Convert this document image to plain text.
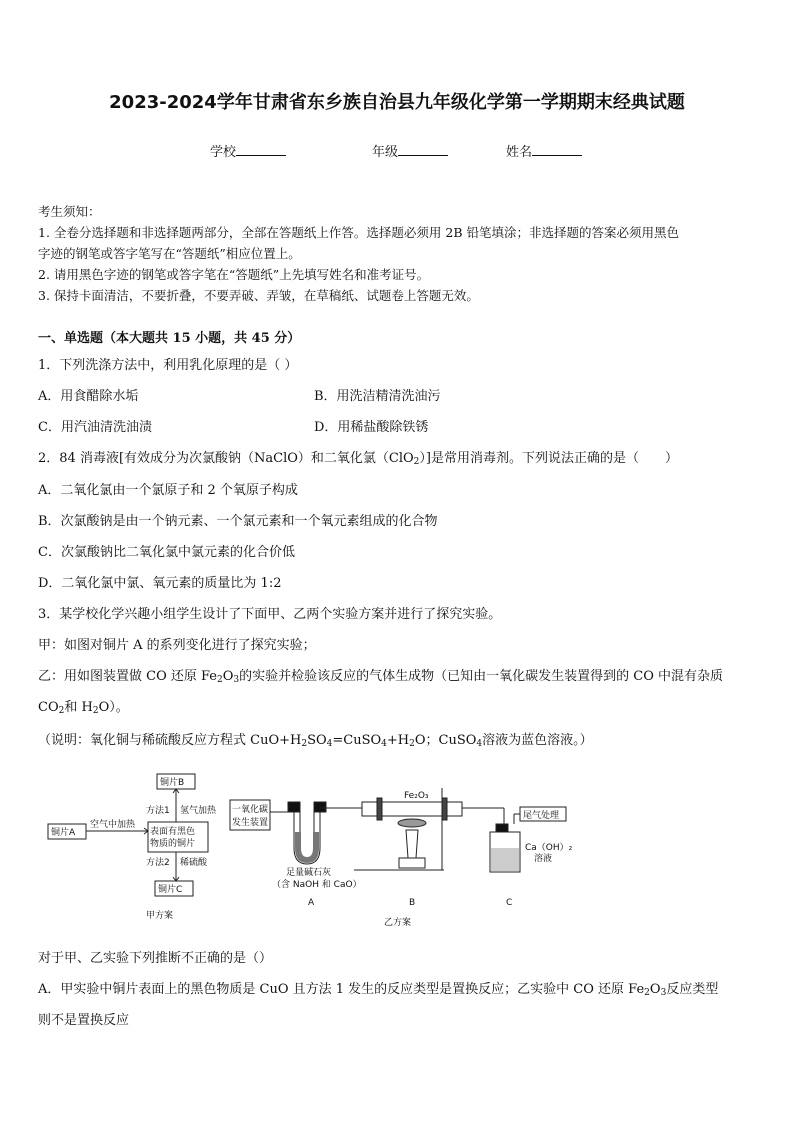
2023-2024学年甘肃省东乡族自治县九年级化学第一学期期末经典试题
学校	年级	姓名
考生须知：
1. 全卷分选择题和非选择题两部分，全部在答题纸上作答。选择题必须用 2B 铅笔填涂；非选择题的答案必须用黑色
字迹的钢笔或答字笔写在“答题纸”相应位置上。
2. 请用黑色字迹的钢笔或答字笔在“答题纸”上先填写姓名和准考证号。
3. 保持卡面清洁，不要折叠，不要弄破、弄皱，在草稿纸、试题卷上答题无效。
一、单选题（本大题共 15 小题，共 45 分）
1．下列洗涤方法中，利用乳化原理的是（ ）
A．用食醋除水垢	B．用洗洁精清洗油污
C．用汽油清洗油渍	D．用稀盐酸除铁锈
2．84 消毒液[有效成分为次氯酸钠（NaClO）和二氧化氯（ClO$_2$）]是常用消毒剂。下列说法正确的是（　　）
A．二氧化氯由一个氯原子和 2 个氧原子构成
B．次氯酸钠是由一个钠元素、一个氯元素和一个氧元素组成的化合物
C．次氯酸钠比二氧化氯中氯元素的化合价低
D．二氧化氯中氯、氧元素的质量比为 1:2
3．某学校化学兴趣小组学生设计了下面甲、乙两个实验方案并进行了探究实验。
甲：如图对铜片 A 的系列变化进行了探究实验；
乙：用如图装置做 CO 还原 $Fe_2O_3$的实验并检验该反应的气体生成物（已知由一氧化碳发生装置得到的 CO 中混有杂质
$CO_2$和 $H_2O$）。
（说明：氧化铜与稀硫酸反应方程式 $CuO+H_2SO_4=CuSO_4+H_2O$；CuSO$_4$溶液为蓝色溶液。）
铜片A
铜片B
铜片C
空气中加热
方法1 氢气加热
表面有黑色
物质的铜片
方法2 稀硫酸
甲方案
一氧化碳
发生装置
Fe₂O₃
尾气处理
Ca（OH）₂
溶液
足量碱石灰
（含 NaOH 和 CaO）
A	B	C
乙方案
对于甲、乙实验下列推断不正确的是（）
A．甲实验中铜片表面上的黑色物质是 CuO 且方法 1 发生的反应类型是置换反应；乙实验中 CO 还原 $Fe_2O_3$反应类型
则不是置换反应
